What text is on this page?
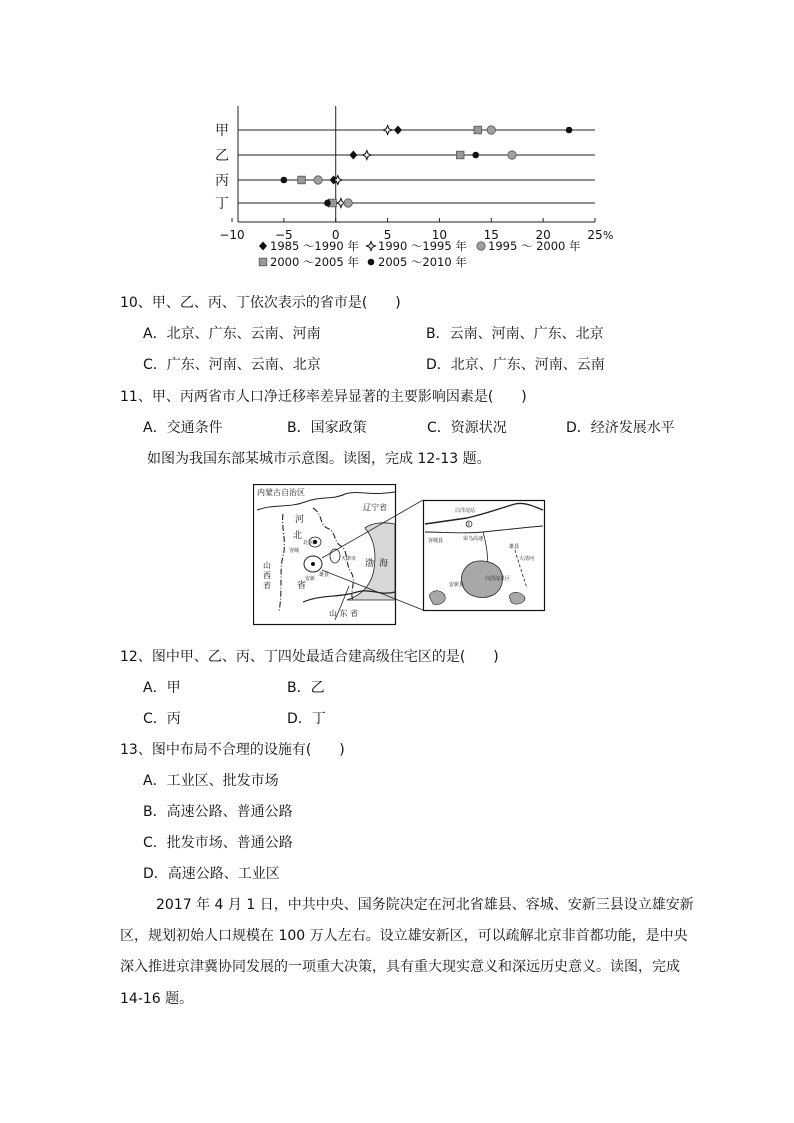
甲
乙
丙
丁
−10	−5	0	5	10	15	20	25 %
1985 ～1990 年 1990 ～1995 年 1995 ～ 2000 年
2000 ～2005 年 2005 ～2010 年
内蒙古自治区
辽宁省
河
北
省
山
西
省
渤 海
山 东 省
天津市
安新
雄县
容城
北京
白洋淀站
①
容城县	荣乌高速
雄县
大清河
安新县
白洋淀景区
10、甲、乙、丙、丁依次表示的省市是(　　)
A．北京、广东、云南、河南	B．云南、河南、广东、北京
C．广东、河南、云南、北京	D．北京、广东、河南、云南
11、甲、丙两省市人口净迁移率差异显著的主要影响因素是(　　)
A．交通条件	B．国家政策	C．资源状况	D．经济发展水平
如图为我国东部某城市示意图。读图，完成 12-13 题。
12、图中甲、乙、丙、丁四处最适合建高级住宅区的是(　　)
A．甲	B．乙
C．丙	D．丁
13、图中布局不合理的设施有(　　)
A．工业区、批发市场
B．高速公路、普通公路
C．批发市场、普通公路
D．高速公路、工业区
2017 年 4 月 1 日，中共中央、国务院决定在河北省雄县、容城、安新三县设立雄安新
区，规划初始人口规模在 100 万人左右。设立雄安新区，可以疏解北京非首都功能，是中央
深入推进京津冀协同发展的一项重大决策，具有重大现实意义和深远历史意义。读图，完成
14-16 题。
